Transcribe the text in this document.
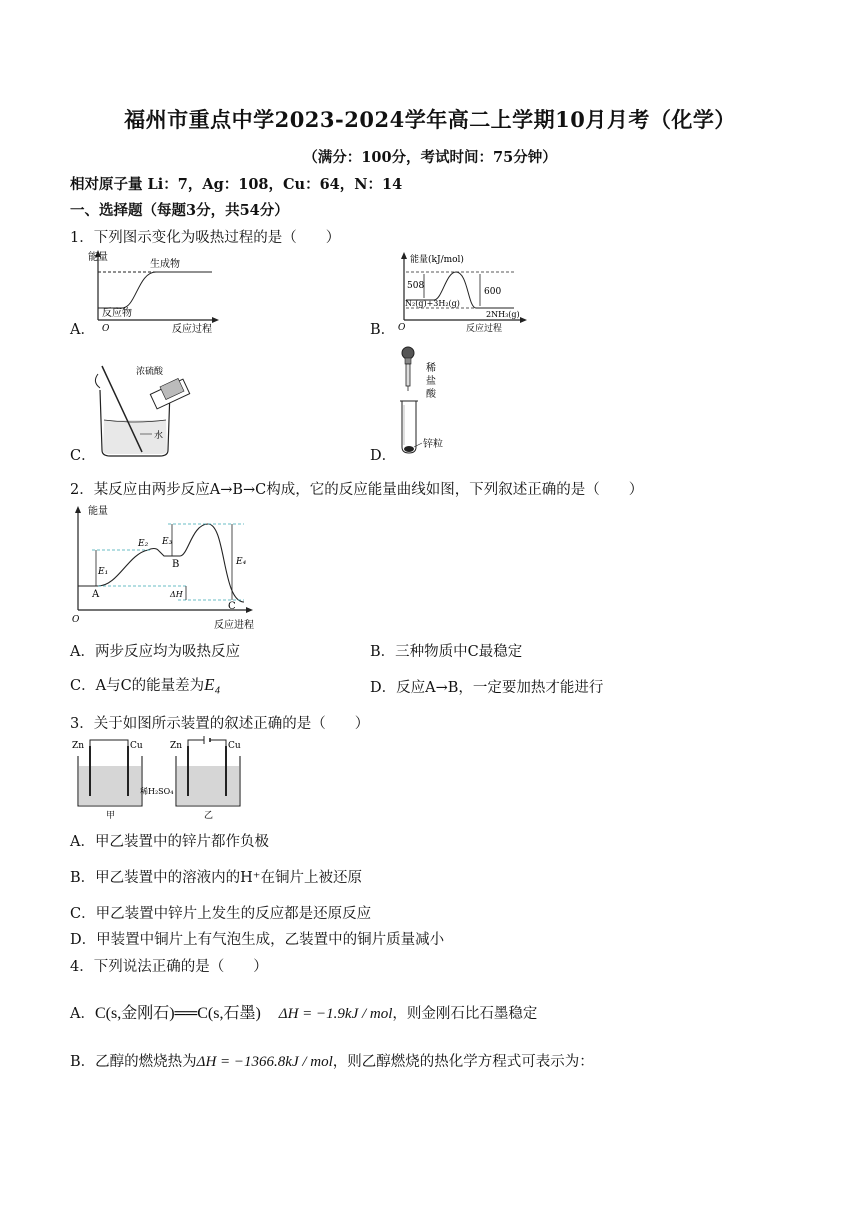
福州市重点中学2023-2024学年高二上学期10月月考（化学）
（满分：100分，考试时间：75分钟）
相对原子量 Li：7，Ag：108，Cu：64，N：14
一、选择题（每题3分，共54分）
1．下列图示变化为吸热过程的是（　　）
A．
能量
生成物
反应物
反应过程
O	B．
能量(kJ/mol)
508
600
N₂(g)+3H₂(g)
2NH₃(g)
反应过程
O
C．
浓硫酸
水
D．
稀
盐
酸
锌粒
2．某反应由两步反应A→B→C构成，它的反应能量曲线如图，下列叙述正确的是（　　）
能量
E₁
E₂ E₃
E₄
ΔH
A
B
C
反应进程
O
A．两步反应均为吸热反应	B．三种物质中C最稳定
C．A与C的能量差为E₄	D．反应A→B，一定要加热才能进行
3．关于如图所示装置的叙述正确的是（　　）
Zn	Cu
甲
Zn	Cu
乙
稀H₂SO₄
A．甲乙装置中的锌片都作负极
B．甲乙装置中的溶液内的H⁺在铜片上被还原
C．甲乙装置中锌片上发生的反应都是还原反应
D．甲装置中铜片上有气泡生成，乙装置中的铜片质量减小
4．下列说法正确的是（　　）
A．C(s,金刚石)══C(s,石墨) ΔH = −1.9kJ / mol，则金刚石比石墨稳定
B．乙醇的燃烧热为ΔH = −1366.8kJ / mol，则乙醇燃烧的热化学方程式可表示为：
